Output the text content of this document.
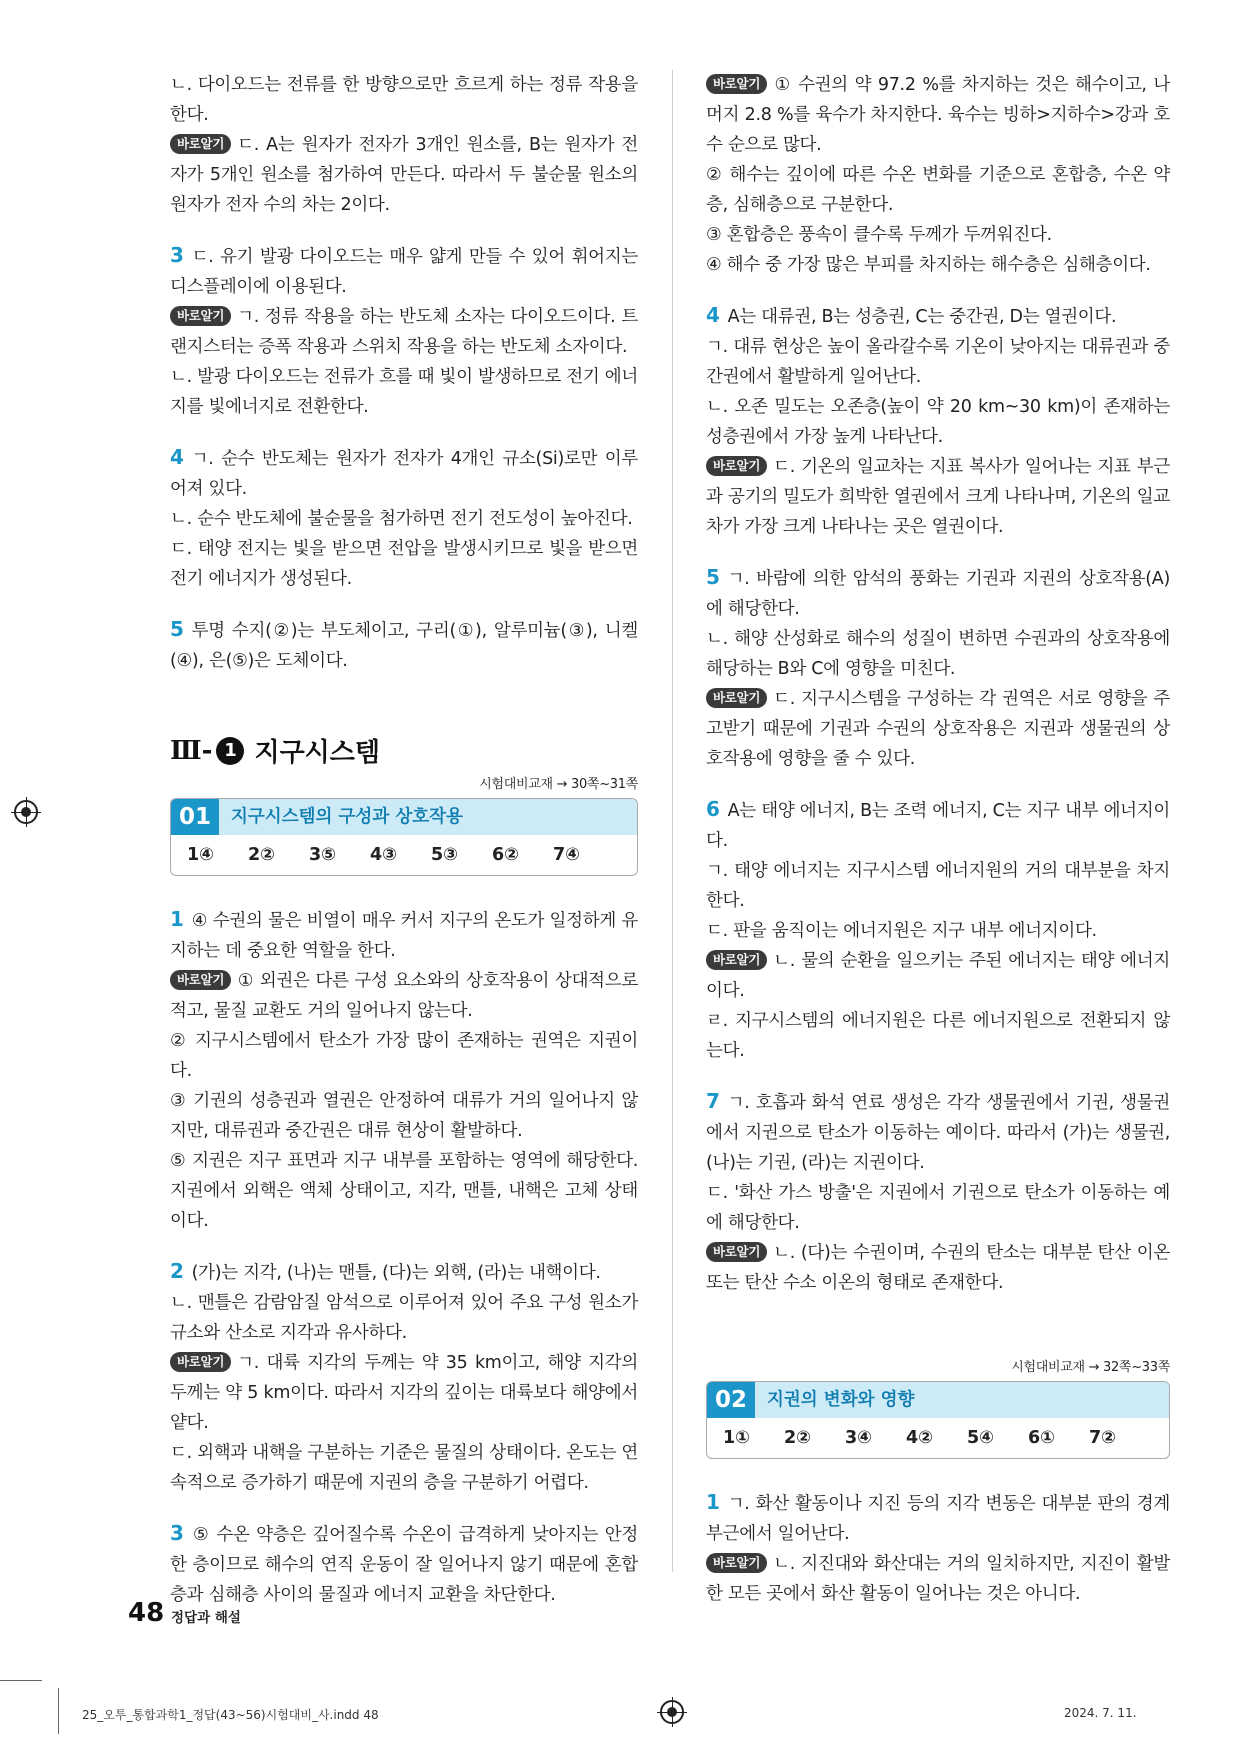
ㄴ. 다이오드는 전류를 한 방향으로만 흐르게 하는 정류 작용을 한다.
바로알기 ㄷ. A는 원자가 전자가 3개인 원소를, B는 원자가 전자가 5개인 원소를 첨가하여 만든다. 따라서 두 불순물 원소의 원자가 전자 수의 차는 2이다.
3 ㄷ. 유기 발광 다이오드는 매우 얇게 만들 수 있어 휘어지는 디스플레이에 이용된다.
바로알기 ㄱ. 정류 작용을 하는 반도체 소자는 다이오드이다. 트랜지스터는 증폭 작용과 스위치 작용을 하는 반도체 소자이다.
ㄴ. 발광 다이오드는 전류가 흐를 때 빛이 발생하므로 전기 에너지를 빛에너지로 전환한다.
4 ㄱ. 순수 반도체는 원자가 전자가 4개인 규소(Si)로만 이루어져 있다.
ㄴ. 순수 반도체에 불순물을 첨가하면 전기 전도성이 높아진다.
ㄷ. 태양 전지는 빛을 받으면 전압을 발생시키므로 빛을 받으면 전기 에너지가 생성된다.
5 투명 수지(②)는 부도체이고, 구리(①), 알루미늄(③), 니켈(④), 은(⑤)은 도체이다.
Ⅲ- 1 지구시스템
시험대비교재 → 30쪽~31쪽
01	지구시스템의 구성과 상호작용
1④	2②	3⑤	4③	5③	6②	7④
1 ④ 수권의 물은 비열이 매우 커서 지구의 온도가 일정하게 유지하는 데 중요한 역할을 한다.
바로알기 ① 외권은 다른 구성 요소와의 상호작용이 상대적으로 적고, 물질 교환도 거의 일어나지 않는다.
② 지구시스템에서 탄소가 가장 많이 존재하는 권역은 지권이다.
③ 기권의 성층권과 열권은 안정하여 대류가 거의 일어나지 않지만, 대류권과 중간권은 대류 현상이 활발하다.
⑤ 지권은 지구 표면과 지구 내부를 포함하는 영역에 해당한다. 지권에서 외핵은 액체 상태이고, 지각, 맨틀, 내핵은 고체 상태이다.
2 (가)는 지각, (나)는 맨틀, (다)는 외핵, (라)는 내핵이다.
ㄴ. 맨틀은 감람암질 암석으로 이루어져 있어 주요 구성 원소가 규소와 산소로 지각과 유사하다.
바로알기 ㄱ. 대륙 지각의 두께는 약 35 km이고, 해양 지각의 두께는 약 5 km이다. 따라서 지각의 깊이는 대륙보다 해양에서 얕다.
ㄷ. 외핵과 내핵을 구분하는 기준은 물질의 상태이다. 온도는 연속적으로 증가하기 때문에 지권의 층을 구분하기 어렵다.
3 ⑤ 수온 약층은 깊어질수록 수온이 급격하게 낮아지는 안정한 층이므로 해수의 연직 운동이 잘 일어나지 않기 때문에 혼합층과 심해층 사이의 물질과 에너지 교환을 차단한다.
바로알기 ① 수권의 약 97.2 %를 차지하는 것은 해수이고, 나머지 2.8 %를 육수가 차지한다. 육수는 빙하>지하수>강과 호수 순으로 많다.
② 해수는 깊이에 따른 수온 변화를 기준으로 혼합층, 수온 약층, 심해층으로 구분한다.
③ 혼합층은 풍속이 클수록 두께가 두꺼워진다.
④ 해수 중 가장 많은 부피를 차지하는 해수층은 심해층이다.
4 A는 대류권, B는 성층권, C는 중간권, D는 열권이다.
ㄱ. 대류 현상은 높이 올라갈수록 기온이 낮아지는 대류권과 중간권에서 활발하게 일어난다.
ㄴ. 오존 밀도는 오존층(높이 약 20 km~30 km)이 존재하는 성층권에서 가장 높게 나타난다.
바로알기 ㄷ. 기온의 일교차는 지표 복사가 일어나는 지표 부근과 공기의 밀도가 희박한 열권에서 크게 나타나며, 기온의 일교차가 가장 크게 나타나는 곳은 열권이다.
5 ㄱ. 바람에 의한 암석의 풍화는 기권과 지권의 상호작용(A)에 해당한다.
ㄴ. 해양 산성화로 해수의 성질이 변하면 수권과의 상호작용에 해당하는 B와 C에 영향을 미친다.
바로알기 ㄷ. 지구시스템을 구성하는 각 권역은 서로 영향을 주고받기 때문에 기권과 수권의 상호작용은 지권과 생물권의 상호작용에 영향을 줄 수 있다.
6 A는 태양 에너지, B는 조력 에너지, C는 지구 내부 에너지이다.
ㄱ. 태양 에너지는 지구시스템 에너지원의 거의 대부분을 차지한다.
ㄷ. 판을 움직이는 에너지원은 지구 내부 에너지이다.
바로알기 ㄴ. 물의 순환을 일으키는 주된 에너지는 태양 에너지이다.
ㄹ. 지구시스템의 에너지원은 다른 에너지원으로 전환되지 않는다.
7 ㄱ. 호흡과 화석 연료 생성은 각각 생물권에서 기권, 생물권에서 지권으로 탄소가 이동하는 예이다. 따라서 (가)는 생물권, (나)는 기권, (라)는 지권이다.
ㄷ. '화산 가스 방출'은 지권에서 기권으로 탄소가 이동하는 예에 해당한다.
바로알기 ㄴ. (다)는 수권이며, 수권의 탄소는 대부분 탄산 이온 또는 탄산 수소 이온의 형태로 존재한다.
시험대비교재 → 32쪽~33쪽
02	지권의 변화와 영향
1①	2②	3④	4②	5④	6①	7②
1 ㄱ. 화산 활동이나 지진 등의 지각 변동은 대부분 판의 경계 부근에서 일어난다.
바로알기 ㄴ. 지진대와 화산대는 거의 일치하지만, 지진이 활발한 모든 곳에서 화산 활동이 일어나는 것은 아니다.
48 정답과 해설
25_오투_통합과학1_정답(43~56)시험대비_사.indd 48	2024. 7. 11.
